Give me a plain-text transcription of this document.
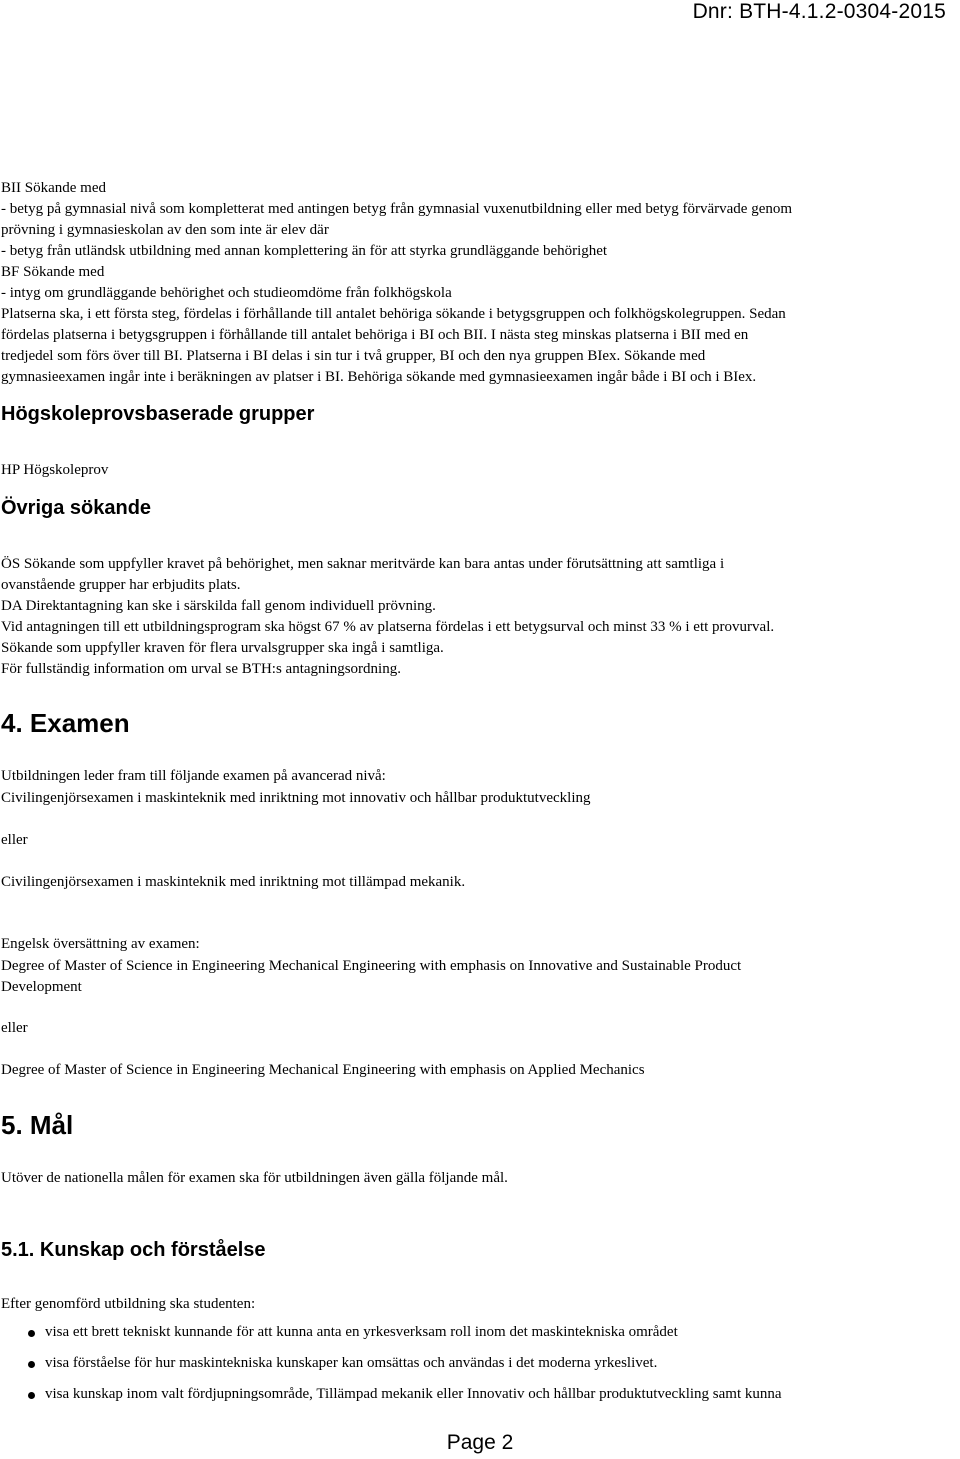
Dnr: BTH-4.1.2-0304-2015
BII Sökande med
- betyg på gymnasial nivå som kompletterat med antingen betyg från gymnasial vuxenutbildning eller med betyg förvärvade genom
prövning i gymnasieskolan av den som inte är elev där
- betyg från utländsk utbildning med annan komplettering än för att styrka grundläggande behörighet
BF Sökande med
- intyg om grundläggande behörighet och studieomdöme från folkhögskola
Platserna ska, i ett första steg, fördelas i förhållande till antalet behöriga sökande i betygsgruppen och folkhögskolegruppen. Sedan
fördelas platserna i betygsgruppen i förhållande till antalet behöriga i BI och BII. I nästa steg minskas platserna i BII med en
tredjedel som förs över till BI. Platserna i BI delas i sin tur i två grupper, BI och den nya gruppen BIex. Sökande med
gymnasieexamen ingår inte i beräkningen av platser i BI. Behöriga sökande med gymnasieexamen ingår både i BI och i BIex.
Högskoleprovsbaserade grupper
HP Högskoleprov
Övriga sökande
ÖS Sökande som uppfyller kravet på behörighet, men saknar meritvärde kan bara antas under förutsättning att samtliga i
ovanstående grupper har erbjudits plats.
DA Direktantagning kan ske i särskilda fall genom individuell prövning.
Vid antagningen till ett utbildningsprogram ska högst 67 % av platserna fördelas i ett betygsurval och minst 33 % i ett provurval.
Sökande som uppfyller kraven för flera urvalsgrupper ska ingå i samtliga.
För fullständig information om urval se BTH:s antagningsordning.
4. Examen
Utbildningen leder fram till följande examen på avancerad nivå:
Civilingenjörsexamen i maskinteknik med inriktning mot innovativ och hållbar produktutveckling
eller
Civilingenjörsexamen i maskinteknik med inriktning mot tillämpad mekanik.
Engelsk översättning av examen:
Degree of Master of Science in Engineering Mechanical Engineering with emphasis on Innovative and Sustainable Product
Development
eller
Degree of Master of Science in Engineering Mechanical Engineering with emphasis on Applied Mechanics
5. Mål
Utöver de nationella målen för examen ska för utbildningen även gälla följande mål.
5.1. Kunskap och förståelse
Efter genomförd utbildning ska studenten:
visa ett brett tekniskt kunnande för att kunna anta en yrkesverksam roll inom det maskintekniska området
visa förståelse för hur maskintekniska kunskaper kan omsättas och användas i det moderna yrkeslivet.
visa kunskap inom valt fördjupningsområde, Tillämpad mekanik eller Innovativ och hållbar produktutveckling samt kunna
Page 2
